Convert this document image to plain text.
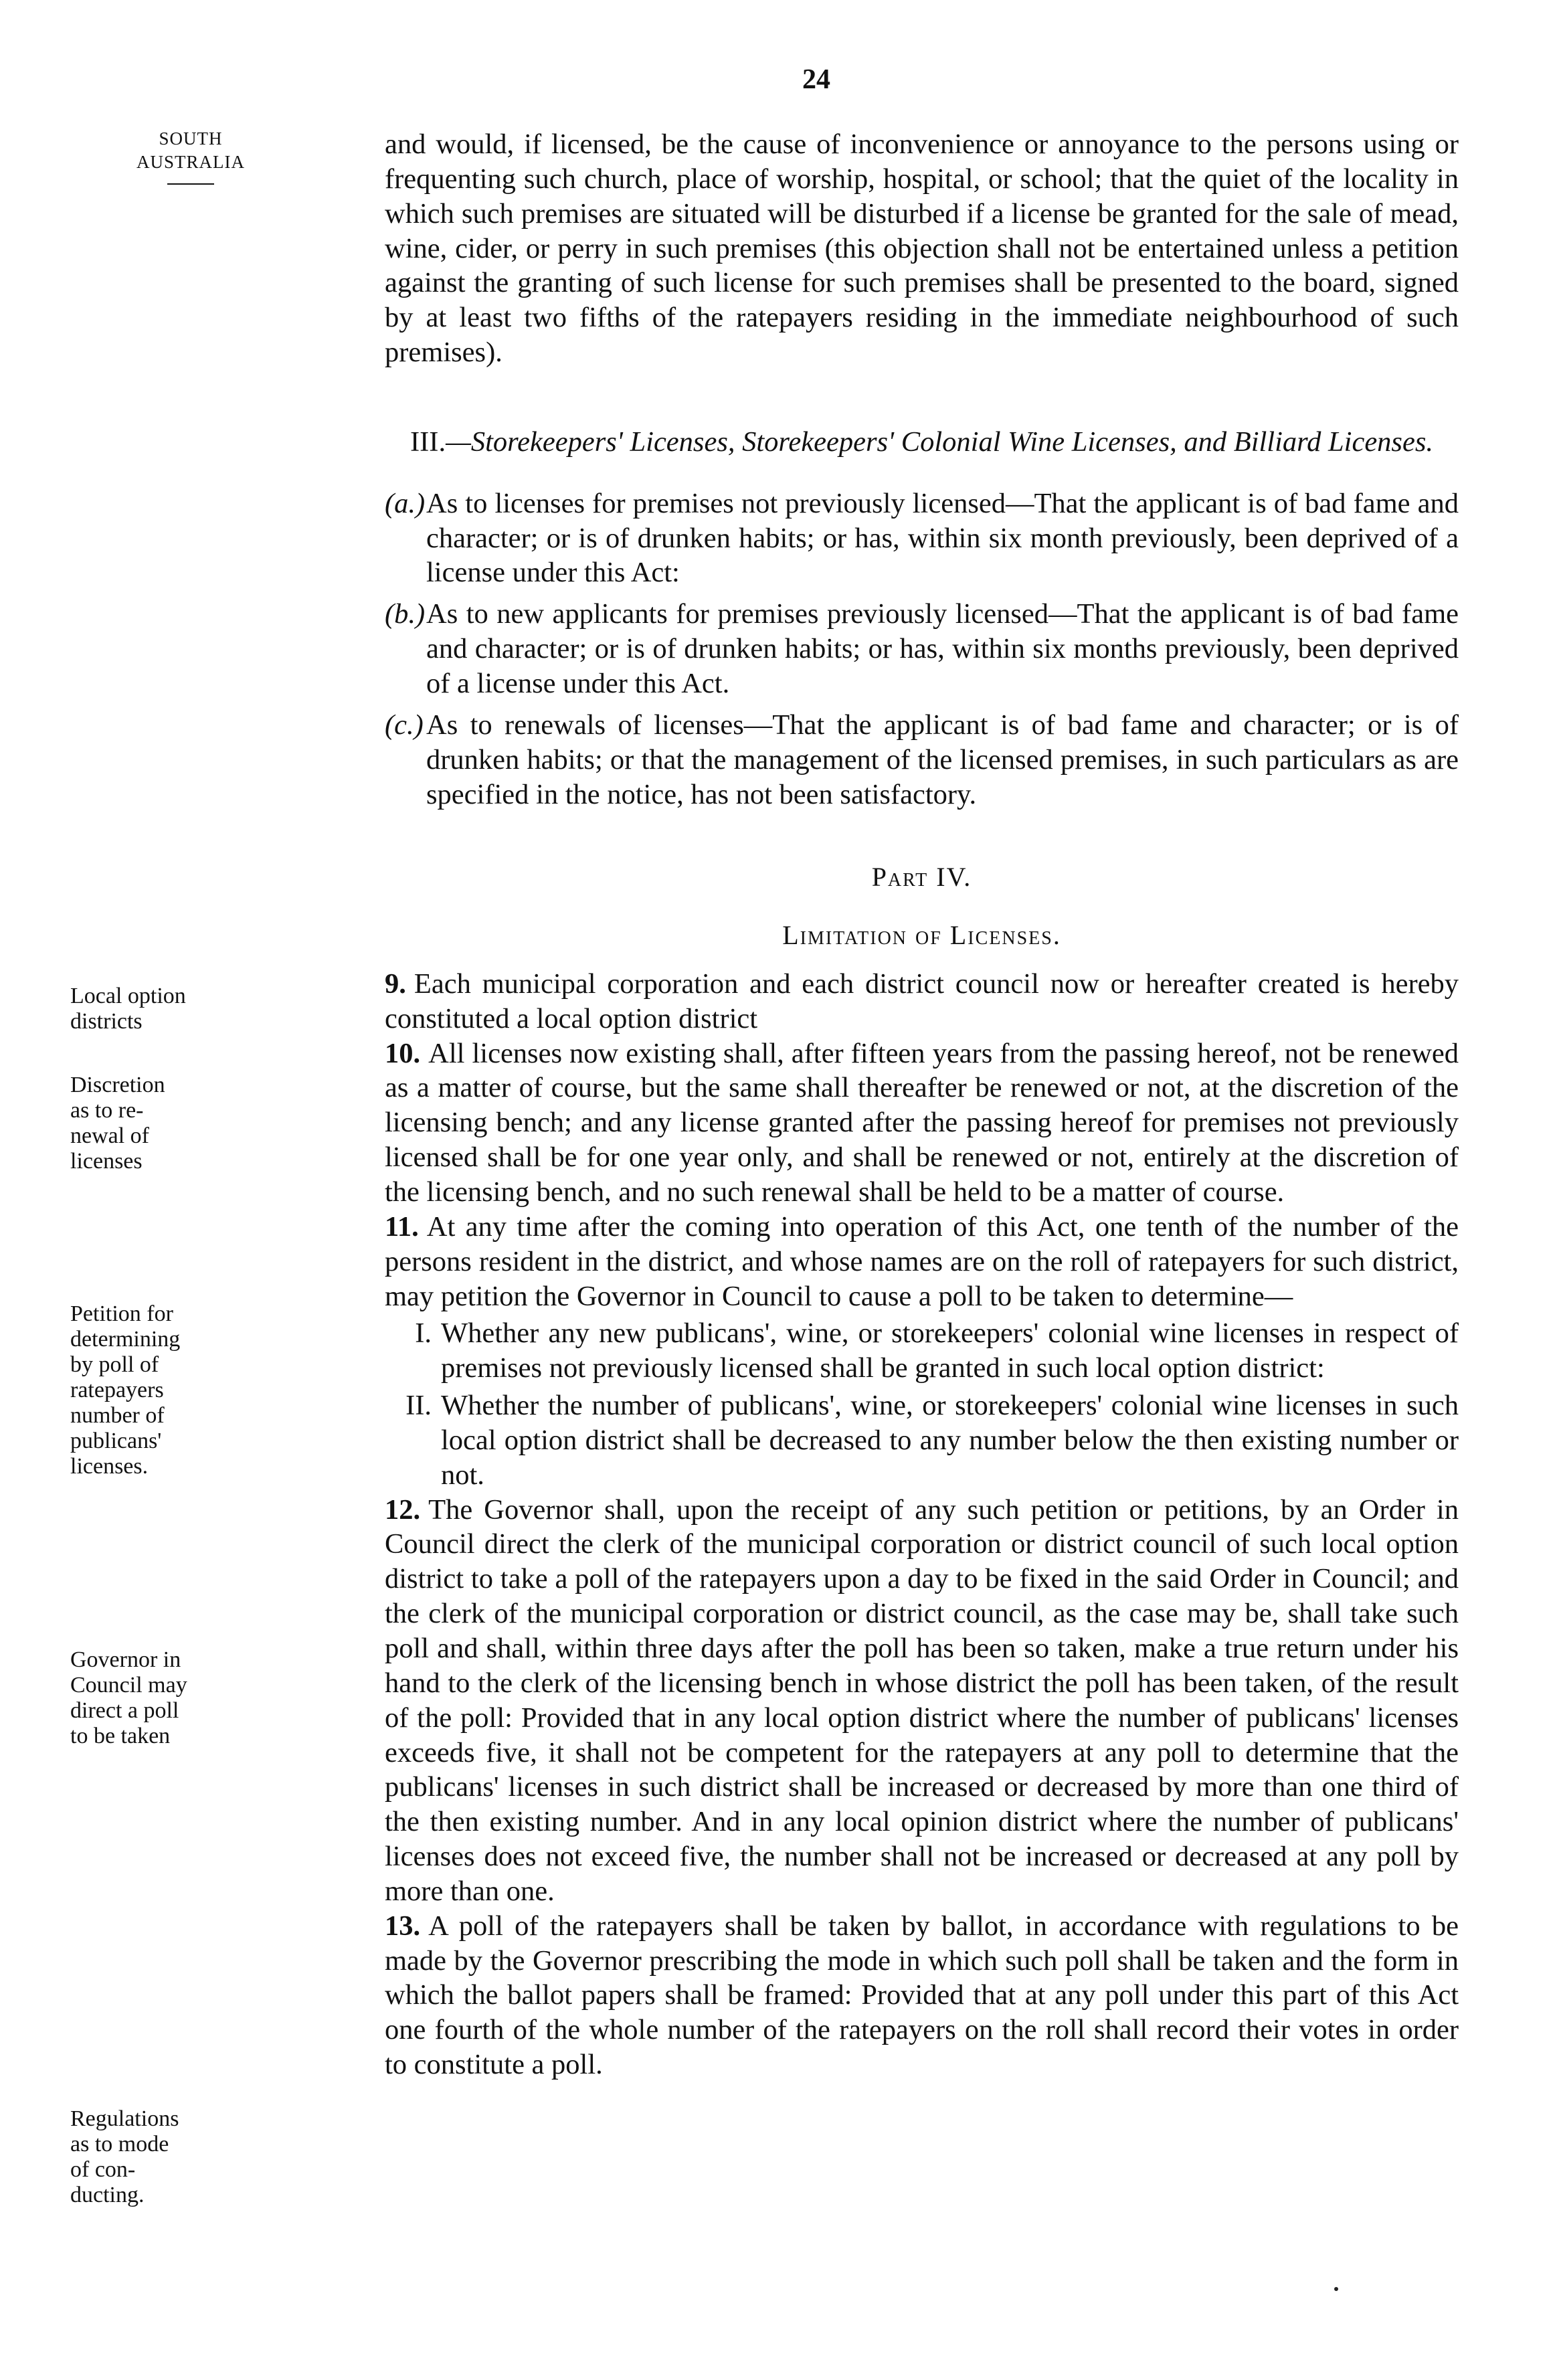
24
SOUTH
AUSTRALIA
Local option
districts
Discretion
as to re-
newal of
licenses
Petition for
determining
by poll of
ratepayers
number of
publicans'
licenses.
Governor in
Council may
direct a poll
to be taken
Regulations
as to mode
of con-
ducting.

and would, if licensed, be the cause of inconvenience or annoyance to the persons using or frequenting such church, place of worship, hospital, or school; that the quiet of the locality in which such premises are situated will be disturbed if a license be granted for the sale of mead, wine, cider, or perry in such premises (this objection shall not be entertained unless a petition against the granting of such license for such premises shall be presented to the board, signed by at least two fifths of the ratepayers residing in the immediate neighbourhood of such premises).

III.—Storekeepers' Licenses, Storekeepers' Colonial Wine Licenses, and Billiard Licenses.
(a.) As to licenses for premises not previously licensed—That the applicant is of bad fame and character; or is of drunken habits; or has, within six month previously, been deprived of a license under this Act:
(b.) As to new applicants for premises previously licensed—That the applicant is of bad fame and character; or is of drunken habits; or has, within six months previously, been deprived of a license under this Act.
(c.) As to renewals of licenses—That the applicant is of bad fame and character; or is of drunken habits; or that the management of the licensed premises, in such particulars as are specified in the notice, has not been satisfactory.
Part IV.
Limitation of Licenses.

9. Each municipal corporation and each district council now or hereafter created is hereby constituted a local option district

10. All licenses now existing shall, after fifteen years from the passing hereof, not be renewed as a matter of course, but the same shall thereafter be renewed or not, at the discretion of the licensing bench; and any license granted after the passing hereof for premises not previously licensed shall be for one year only, and shall be renewed or not, entirely at the discretion of the licensing bench, and no such renewal shall be held to be a matter of course.

11. At any time after the coming into operation of this Act, one tenth of the number of the persons resident in the district, and whose names are on the roll of ratepayers for such district, may petition the Governor in Council to cause a poll to be taken to determine—

I. Whether any new publicans', wine, or storekeepers' colonial wine licenses in respect of premises not previously licensed shall be granted in such local option district:
II. Whether the number of publicans', wine, or storekeepers' colonial wine licenses in such local option district shall be decreased to any number below the then existing number or not.

12. The Governor shall, upon the receipt of any such petition or petitions, by an Order in Council direct the clerk of the municipal corporation or district council of such local option district to take a poll of the ratepayers upon a day to be fixed in the said Order in Council; and the clerk of the municipal corporation or district council, as the case may be, shall take such poll and shall, within three days after the poll has been so taken, make a true return under his hand to the clerk of the licensing bench in whose district the poll has been taken, of the result of the poll: Provided that in any local option district where the number of publicans' licenses exceeds five, it shall not be competent for the ratepayers at any poll to determine that the publicans' licenses in such district shall be increased or decreased by more than one third of the then existing number. And in any local opinion district where the number of publicans' licenses does not exceed five, the number shall not be increased or decreased at any poll by more than one.

13. A poll of the ratepayers shall be taken by ballot, in accordance with regulations to be made by the Governor prescribing the mode in which such poll shall be taken and the form in which the ballot papers shall be framed: Provided that at any poll under this part of this Act one fourth of the whole number of the ratepayers on the roll shall record their votes in order to constitute a poll.
